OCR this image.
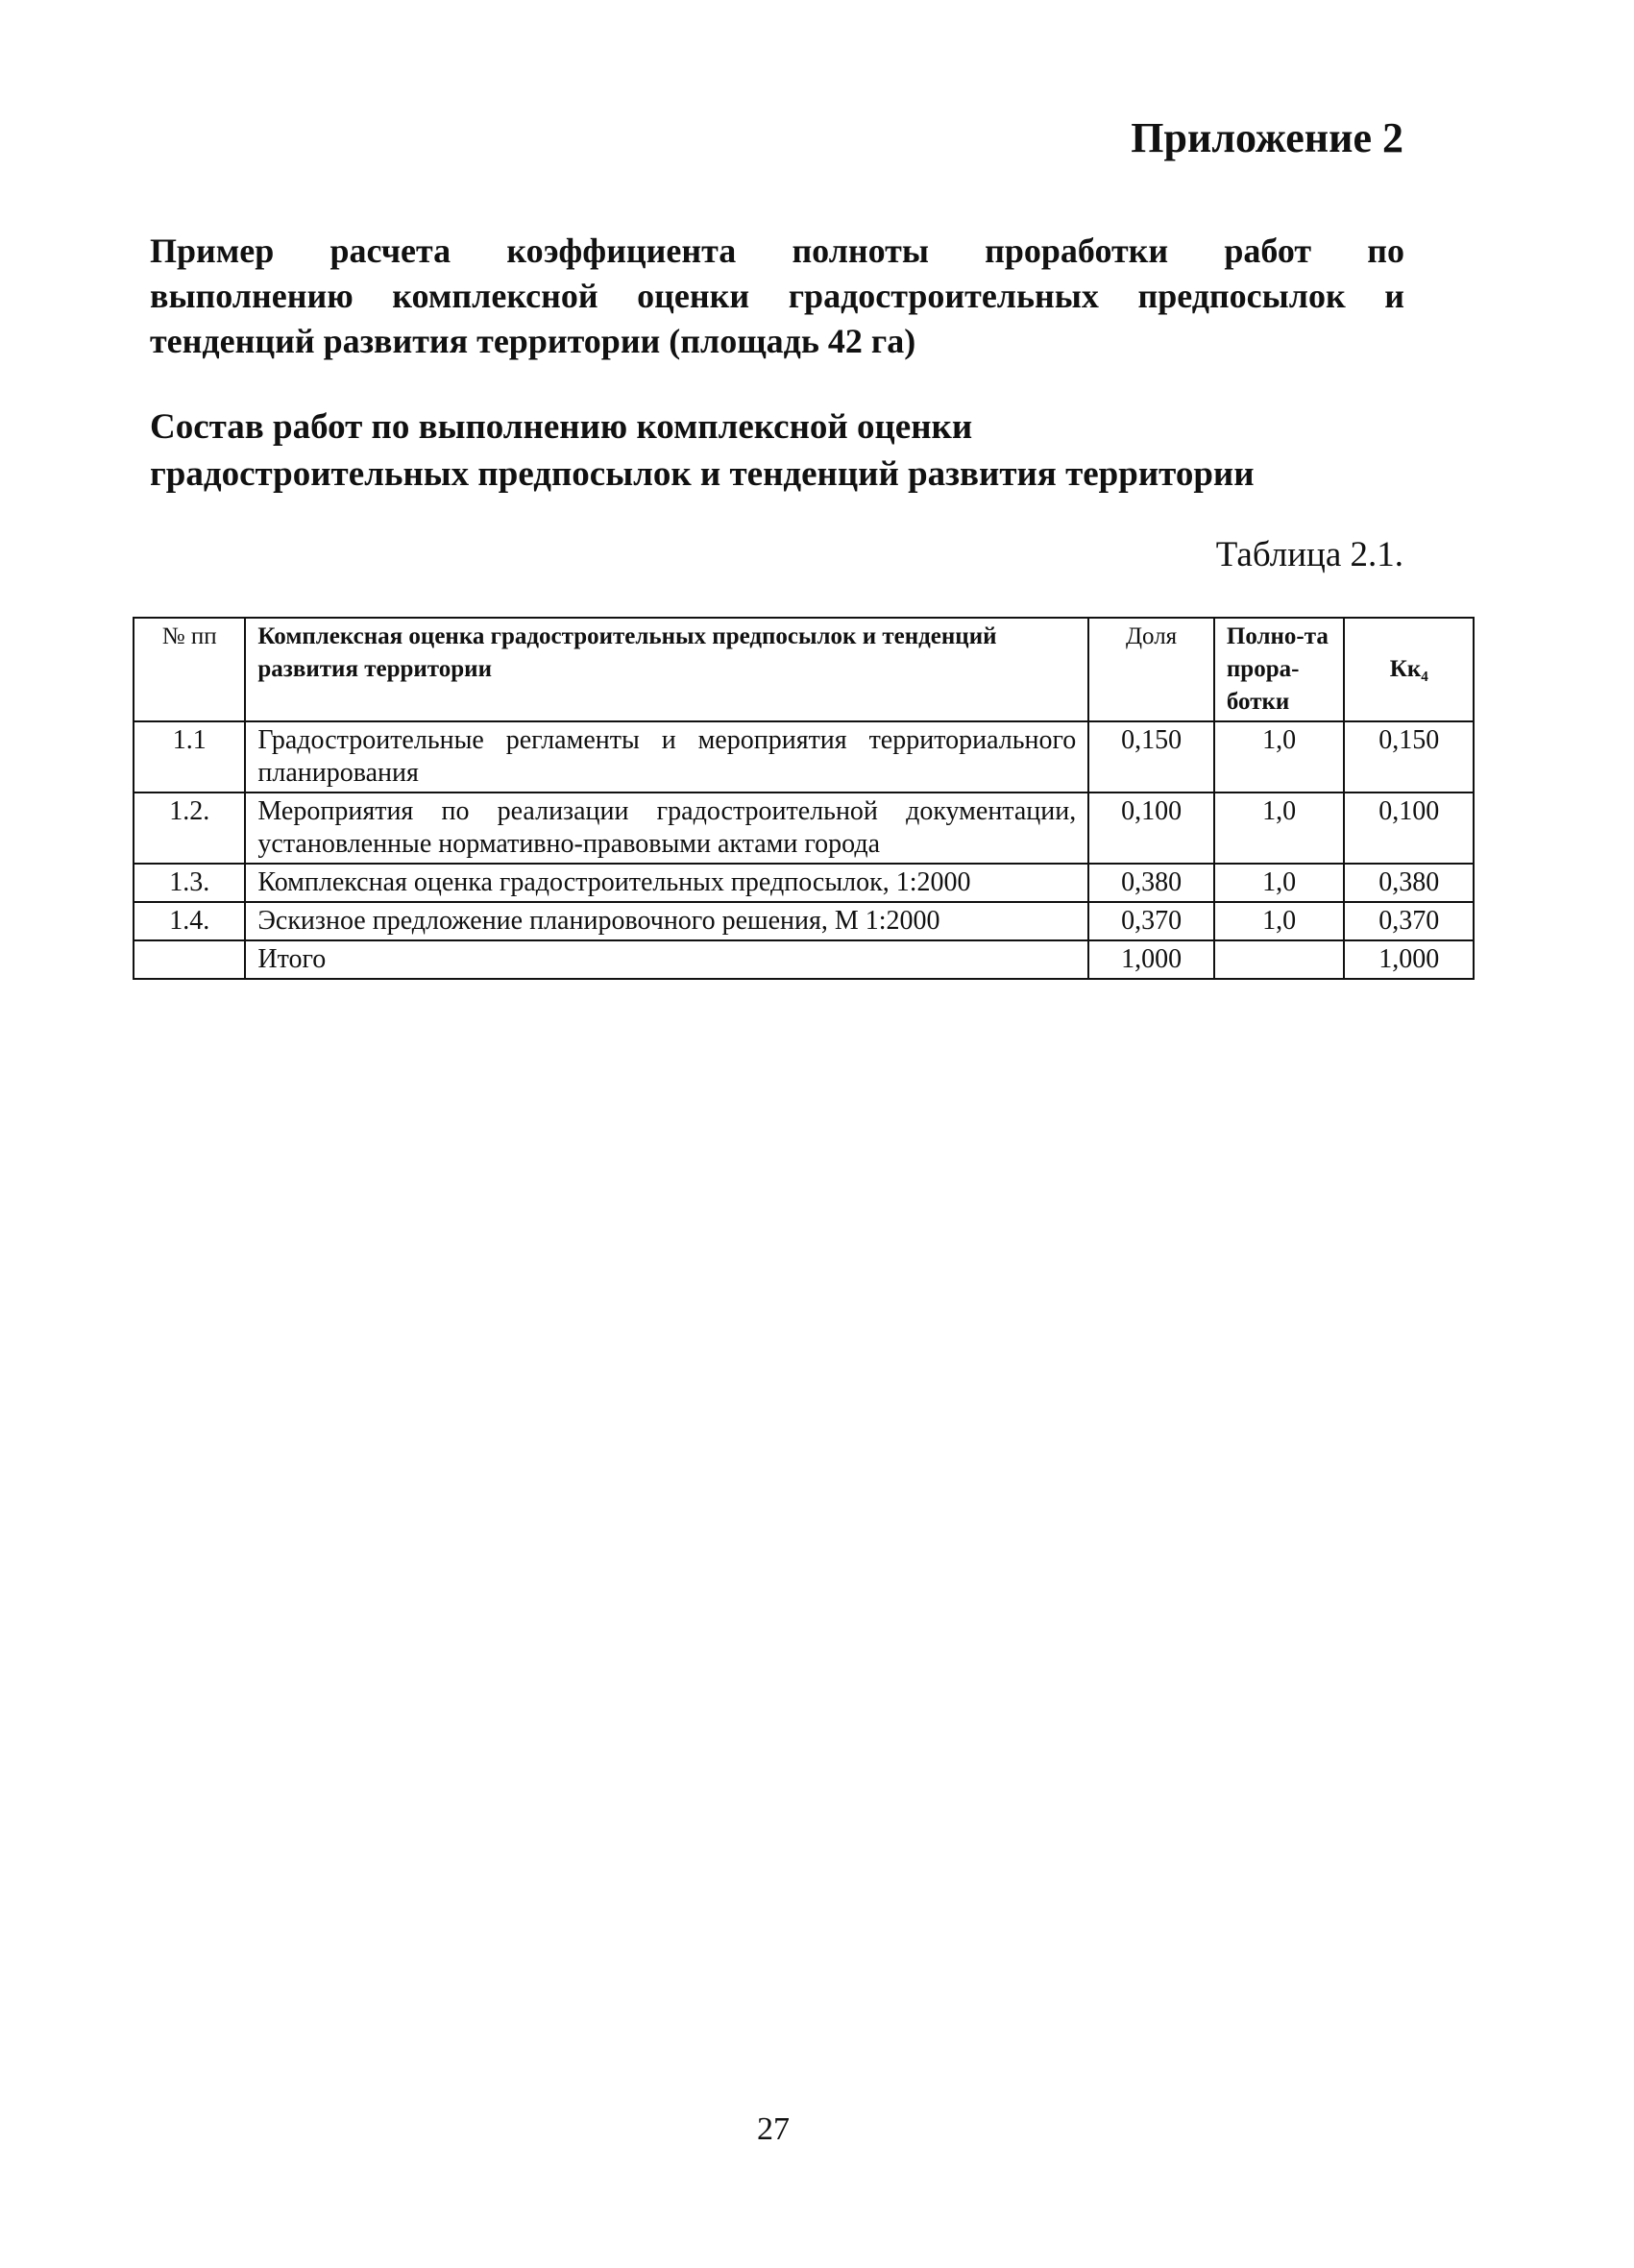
Приложение 2
Пример расчета коэффициента полноты проработки работ по
выполнению комплексной оценки градостроительных предпосылок и
тенденций развития территории (площадь 42 га)
Состав работ по выполнению комплексной оценки
градостроительных предпосылок и тенденций развития территории
Таблица 2.1.
№ пп	Комплексная оценка градостроительных предпосылок и тенденций развития территории	Доля	Полно-та прора-ботки	Кк₄
1.1	Градостроительные регламенты и мероприятия территориального планирования	0,150	1,0	0,150
1.2.	Мероприятия по реализации градостроительной документации, установленные нормативно-правовыми актами города	0,100	1,0	0,100
1.3.	Комплексная оценка градостроительных предпосылок, 1:2000	0,380	1,0	0,380
1.4.	Эскизное предложение планировочного решения, М 1:2000	0,370	1,0	0,370
	Итого	1,000		1,000
27
